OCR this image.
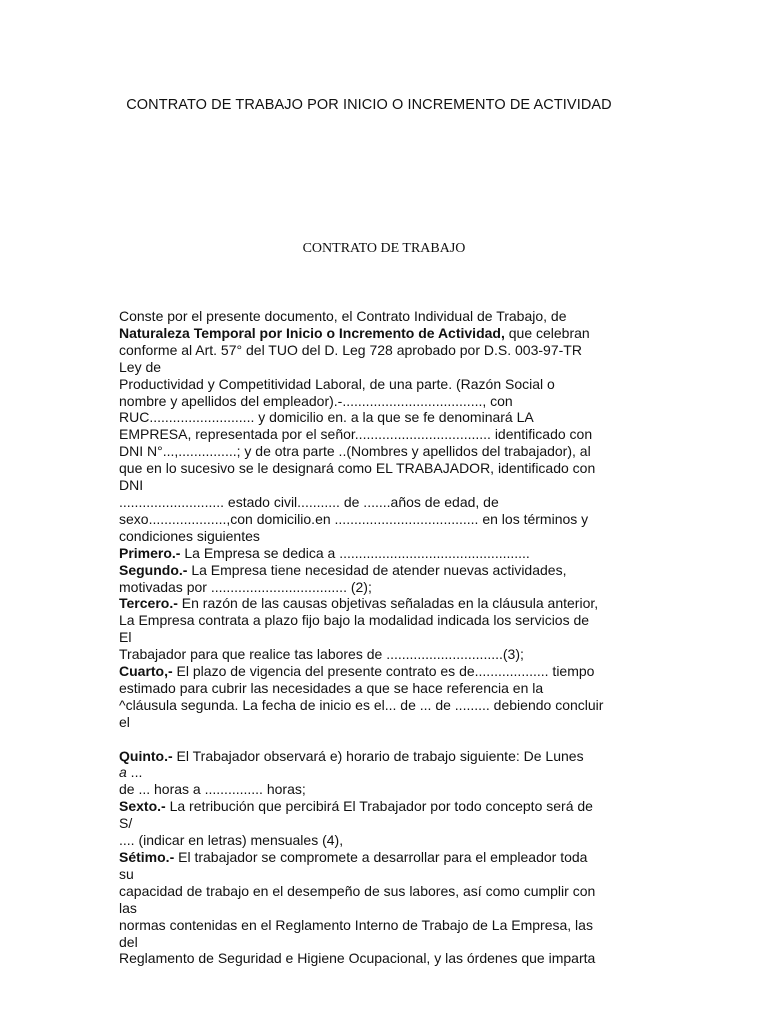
CONTRATO DE TRABAJO POR INICIO O INCREMENTO DE ACTIVIDAD
CONTRATO DE TRABAJO
Conste por el presente documento, el Contrato Individual de Trabajo, de
Naturaleza Temporal por Inicio o Incremento de Actividad, que celebran
conforme al Art. 57° del TUO del D. Leg 728 aprobado por D.S. 003-97-TR
Ley de
Productividad y Competitividad Laboral, de una parte. (Razón Social o
nombre y apellidos del empleador).-...................................., con
RUC........................... y domicilio en. a la que se fe denominará LA
EMPRESA, representada por el señor................................... identificado con
DNI N°...,...............; y de otra parte ..(Nombres y apellidos del trabajador), al
que en lo sucesivo se le designará como EL TRABAJADOR, identificado con
DNI
........................... estado civil........... de .......años de edad, de
sexo....................,con domicilio.en ..................................... en los términos y
condiciones siguientes
Primero.- La Empresa se dedica a .................................................
Segundo.- La Empresa tiene necesidad de atender nuevas actividades,
motivadas por ................................... (2);
Tercero.- En razón de las causas objetivas señaladas en la cláusula anterior,
La Empresa contrata a plazo fijo bajo la modalidad indicada los servicios de
El
Trabajador para que realice tas labores de ..............................(3);
Cuarto,- El plazo de vigencia del presente contrato es de................... tiempo
estimado para cubrir las necesidades a que se hace referencia en la
^cláusula segunda. La fecha de inicio es el... de ... de ......... debiendo concluir
el
Quinto.- El Trabajador observará e) horario de trabajo siguiente: De Lunes
a ...
de ... horas a ............... horas;
Sexto.- La retribución que percibirá El Trabajador por todo concepto será de
S/
.... (indicar en letras) mensuales (4),
Sétimo.- El trabajador se compromete a desarrollar para el empleador toda
su
capacidad de trabajo en el desempeño de sus labores, así como cumplir con
las
normas contenidas en el Reglamento Interno de Trabajo de La Empresa, las
del
Reglamento de Seguridad e Higiene Ocupacional, y las órdenes que imparta
